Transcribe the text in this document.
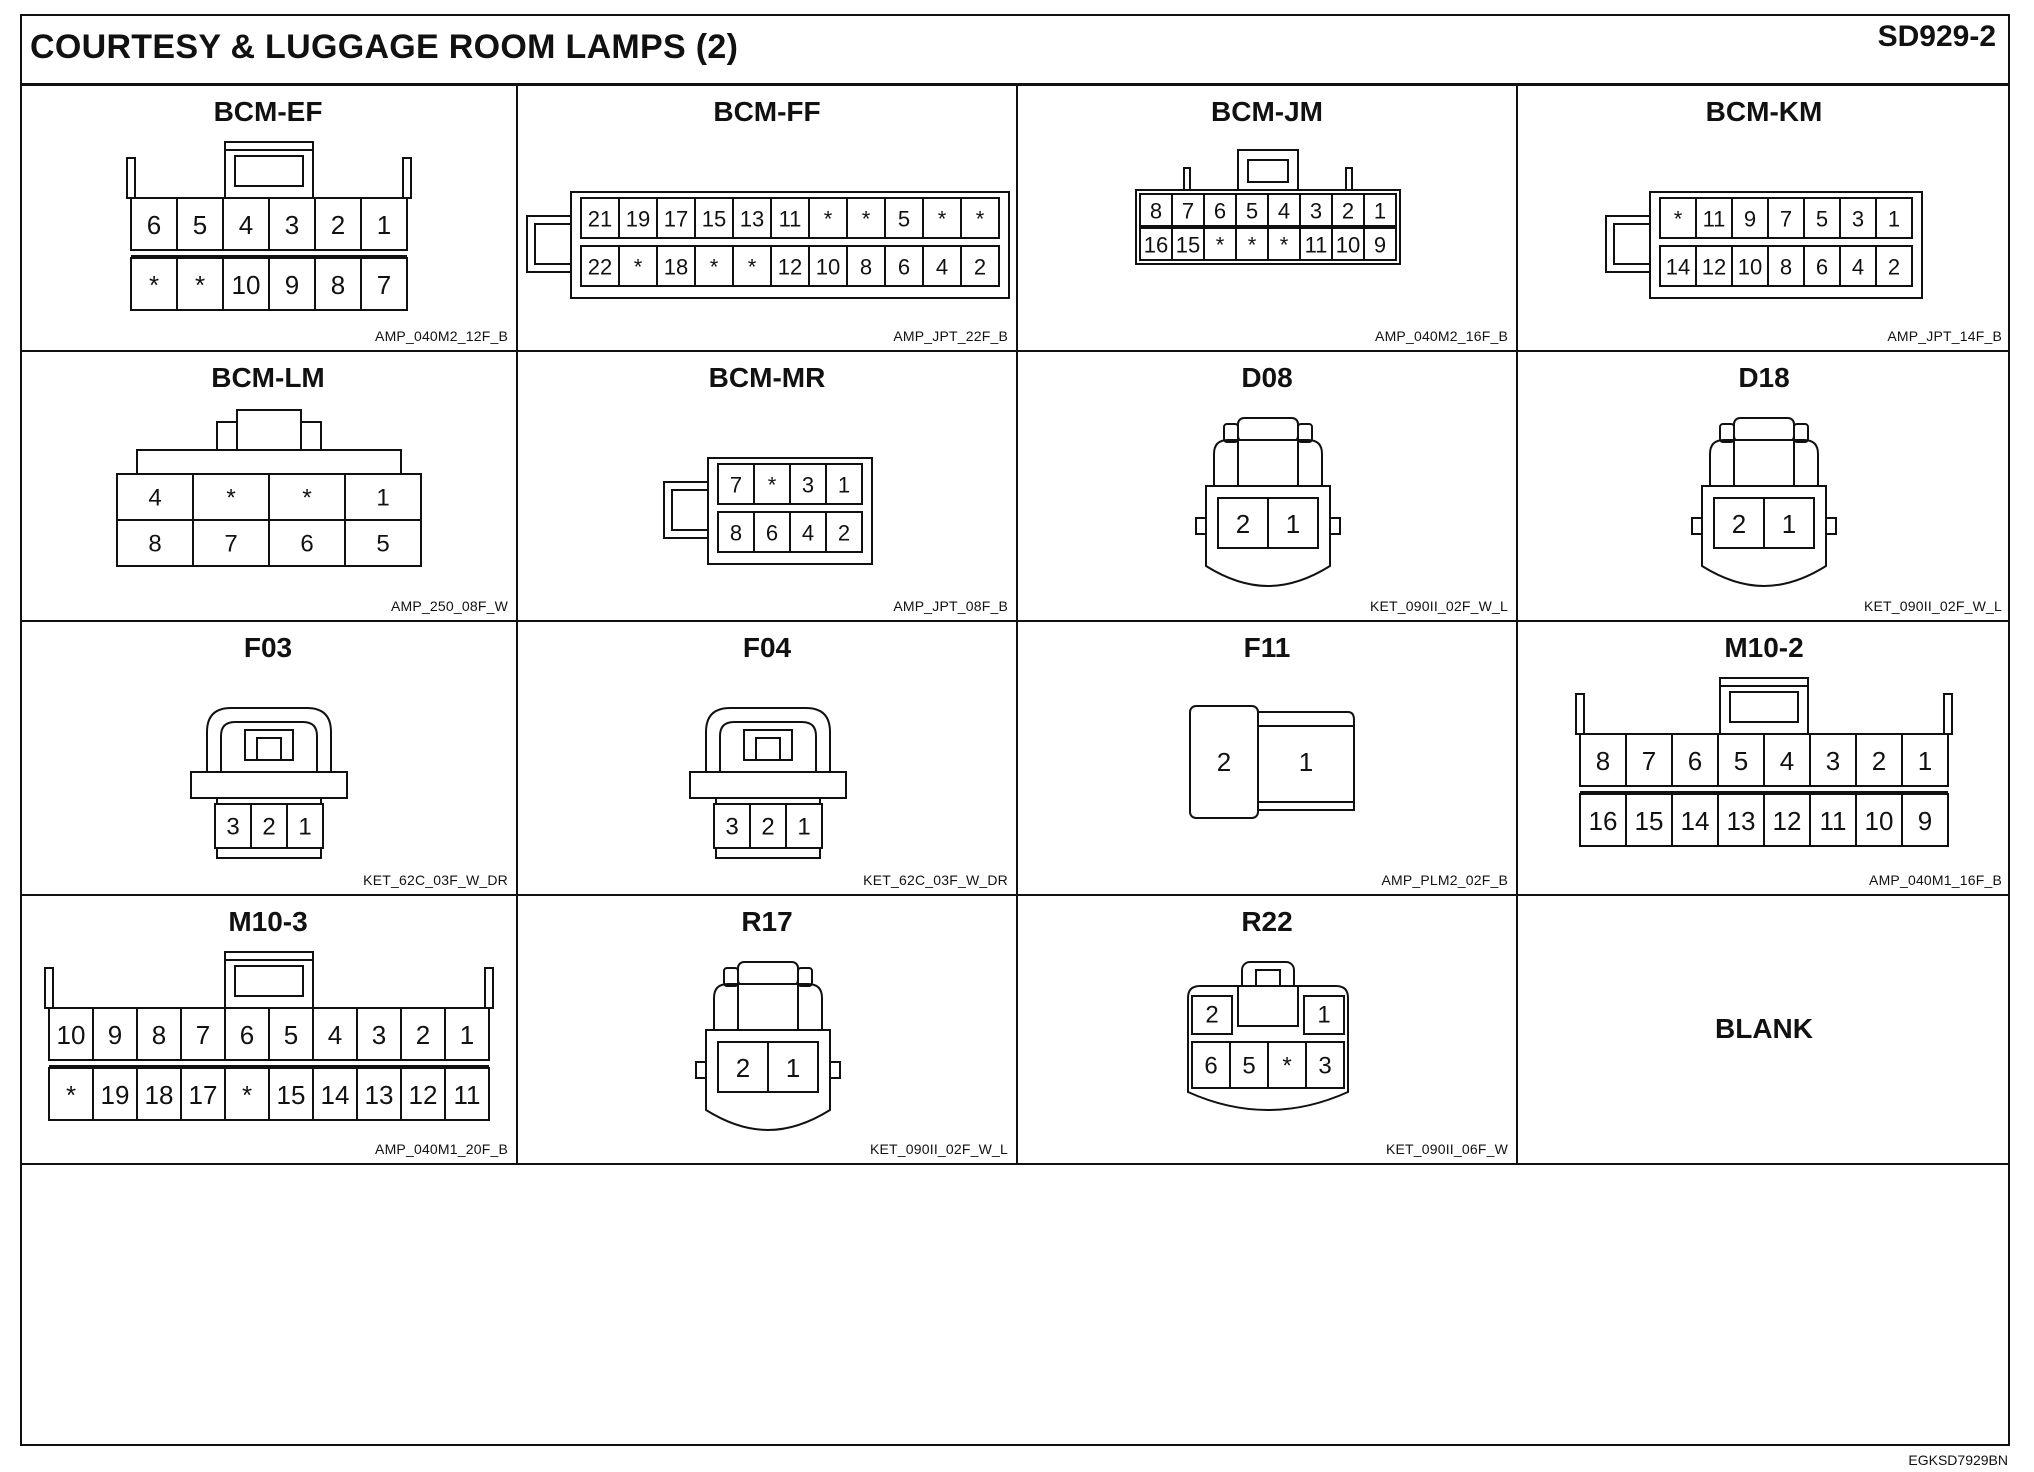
COURTESY & LUGGAGE ROOM LAMPS (2)	SD929-2
BCM-EF
6 5 4 3 2 1
* * 10 9 8 7
AMP_040M2_12F_B
BCM-FF
21 19 17 15 13 11 * * 5 * *
22 * 18 * * 12 10 8 6 4 2
AMP_JPT_22F_B
BCM-JM
8 7 6 5 4 3 2 1
16 15 * * * 11 10 9
AMP_040M2_16F_B
BCM-KM
* 11 9 7 5 3 1
14 12 10 8 6 4 2
AMP_JPT_14F_B
BCM-LM
4	*	*	1
8	7	6	5
AMP_250_08F_W
BCM-MR
7 * 3 1
8 6 4 2
AMP_JPT_08F_B
D08
2 1
KET_090II_02F_W_L
D18
2 1
KET_090II_02F_W_L
F03
3 2 1
KET_62C_03F_W_DR
F04
3 2 1
KET_62C_03F_W_DR
F11
2	1
AMP_PLM2_02F_B
M10-2
8 7 6 5 4 3 2 1
16 15 14 13 12 11 10 9
AMP_040M1_16F_B
M10-3
10 9 8 7 6 5 4 3 2 1
* 19 18 17 * 15 14 13 12 11
AMP_040M1_20F_B
R17
2 1
KET_090II_02F_W_L
R22
2	1
6 5 * 3
KET_090II_06F_W
BLANK
EGKSD7929BN
